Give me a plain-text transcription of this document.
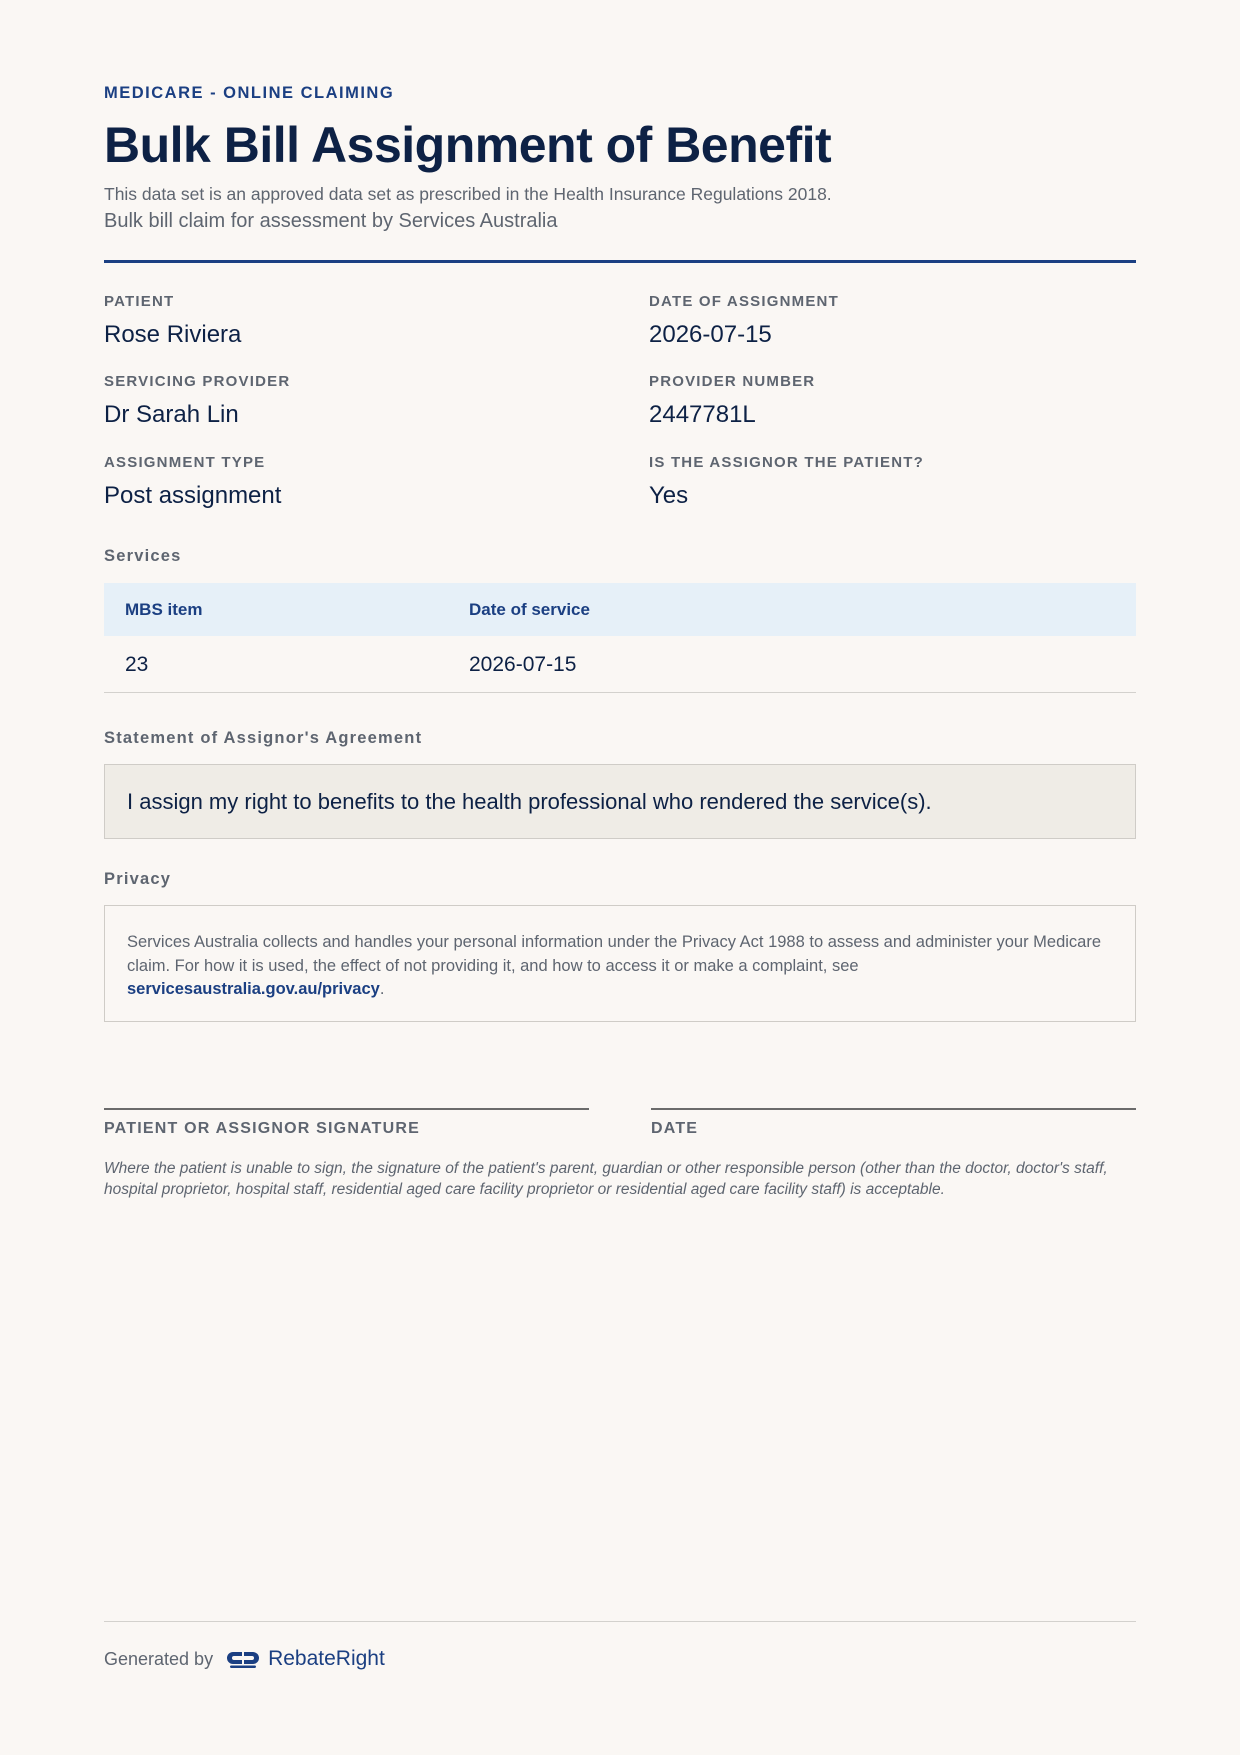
MEDICARE - ONLINE CLAIMING
Bulk Bill Assignment of Benefit
This data set is an approved data set as prescribed in the Health Insurance Regulations 2018.
Bulk bill claim for assessment by Services Australia
PATIENT
Rose Riviera
DATE OF ASSIGNMENT
2026-07-15
SERVICING PROVIDER
Dr Sarah Lin
PROVIDER NUMBER
2447781L
ASSIGNMENT TYPE
Post assignment
IS THE ASSIGNOR THE PATIENT?
Yes
Services
MBS item	Date of service
23	2026-07-15
Statement of Assignor's Agreement
I assign my right to benefits to the health professional who rendered the service(s).
Privacy
Services Australia collects and handles your personal information under the Privacy Act 1988 to assess and administer your Medicare claim. For how it is used, the effect of not providing it, and how to access it or make a complaint, see
servicesaustralia.gov.au/privacy.
PATIENT OR ASSIGNOR SIGNATURE	DATE
Where the patient is unable to sign, the signature of the patient's parent, guardian or other responsible person (other than the doctor, doctor's staff, hospital proprietor, hospital staff, residential aged care facility proprietor or residential aged care facility staff) is acceptable.
Generated by	RebateRight
